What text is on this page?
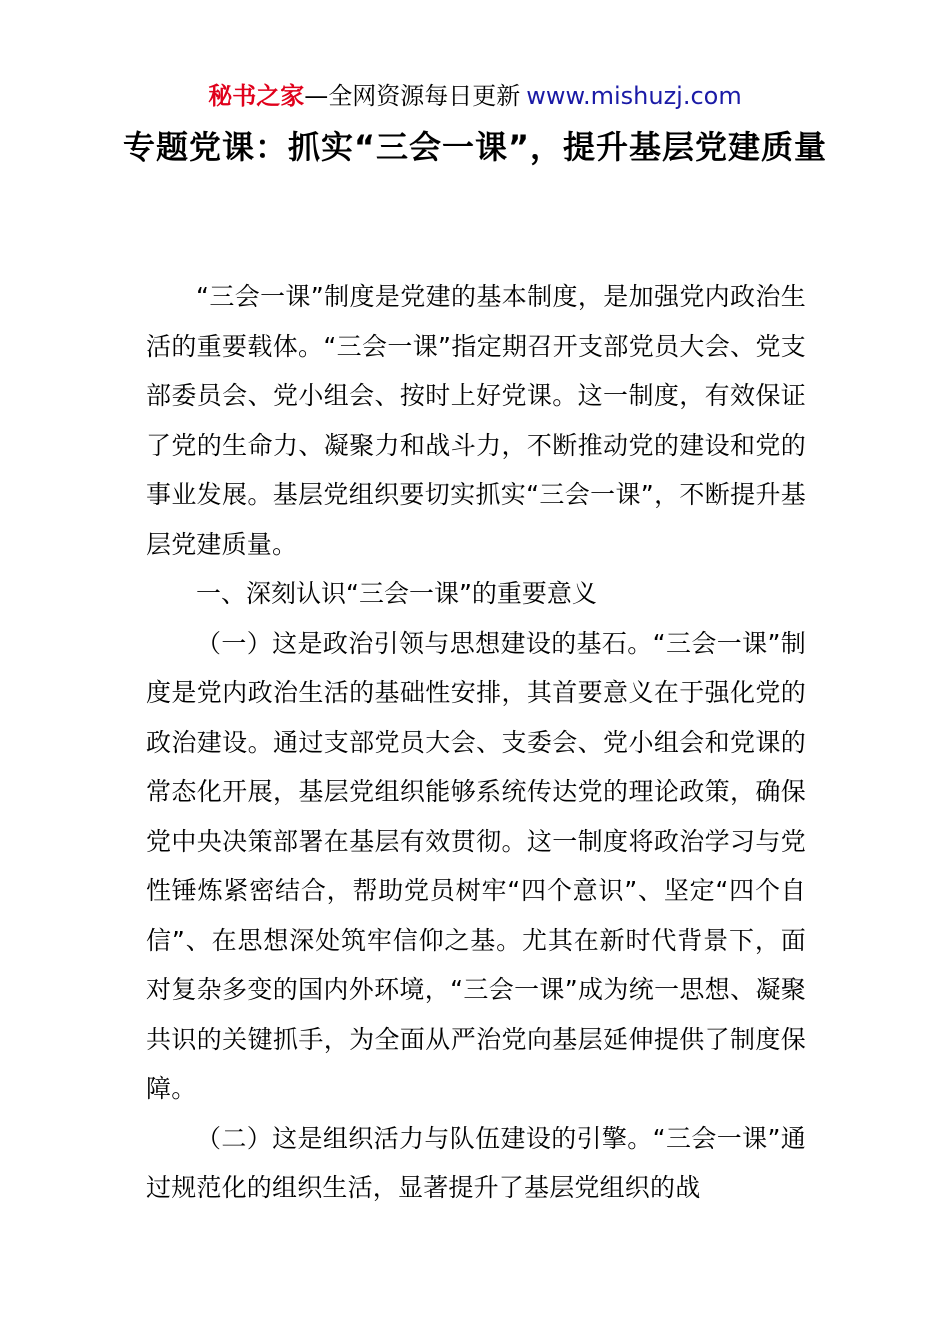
秘书之家—全网资源每日更新 www.mishuzj.com
专题党课：抓实“三会一课”，提升基层党建质量

“三会一课”制度是党建的基本制度，是加强党内政治生活的重要载体。“三会一课”指定期召开支部党员大会、党支部委员会、党小组会、按时上好党课。这一制度，有效保证了党的生命力、凝聚力和战斗力，不断推动党的建设和党的事业发展。基层党组织要切实抓实“三会一课”，不断提升基层党建质量。

一、深刻认识“三会一课”的重要意义

（一）这是政治引领与思想建设的基石。“三会一课”制度是党内政治生活的基础性安排，其首要意义在于强化党的政治建设。通过支部党员大会、支委会、党小组会和党课的常态化开展，基层党组织能够系统传达党的理论政策，确保党中央决策部署在基层有效贯彻。这一制度将政治学习与党性锤炼紧密结合，帮助党员树牢“四个意识”、坚定“四个自信”、在思想深处筑牢信仰之基。尤其在新时代背景下，面对复杂多变的国内外环境，“三会一课”成为统一思想、凝聚共识的关键抓手，为全面从严治党向基层延伸提供了制度保障。

（二）这是组织活力与队伍建设的引擎。“三会一课”通过规范化的组织生活，显著提升了基层党组织的战
